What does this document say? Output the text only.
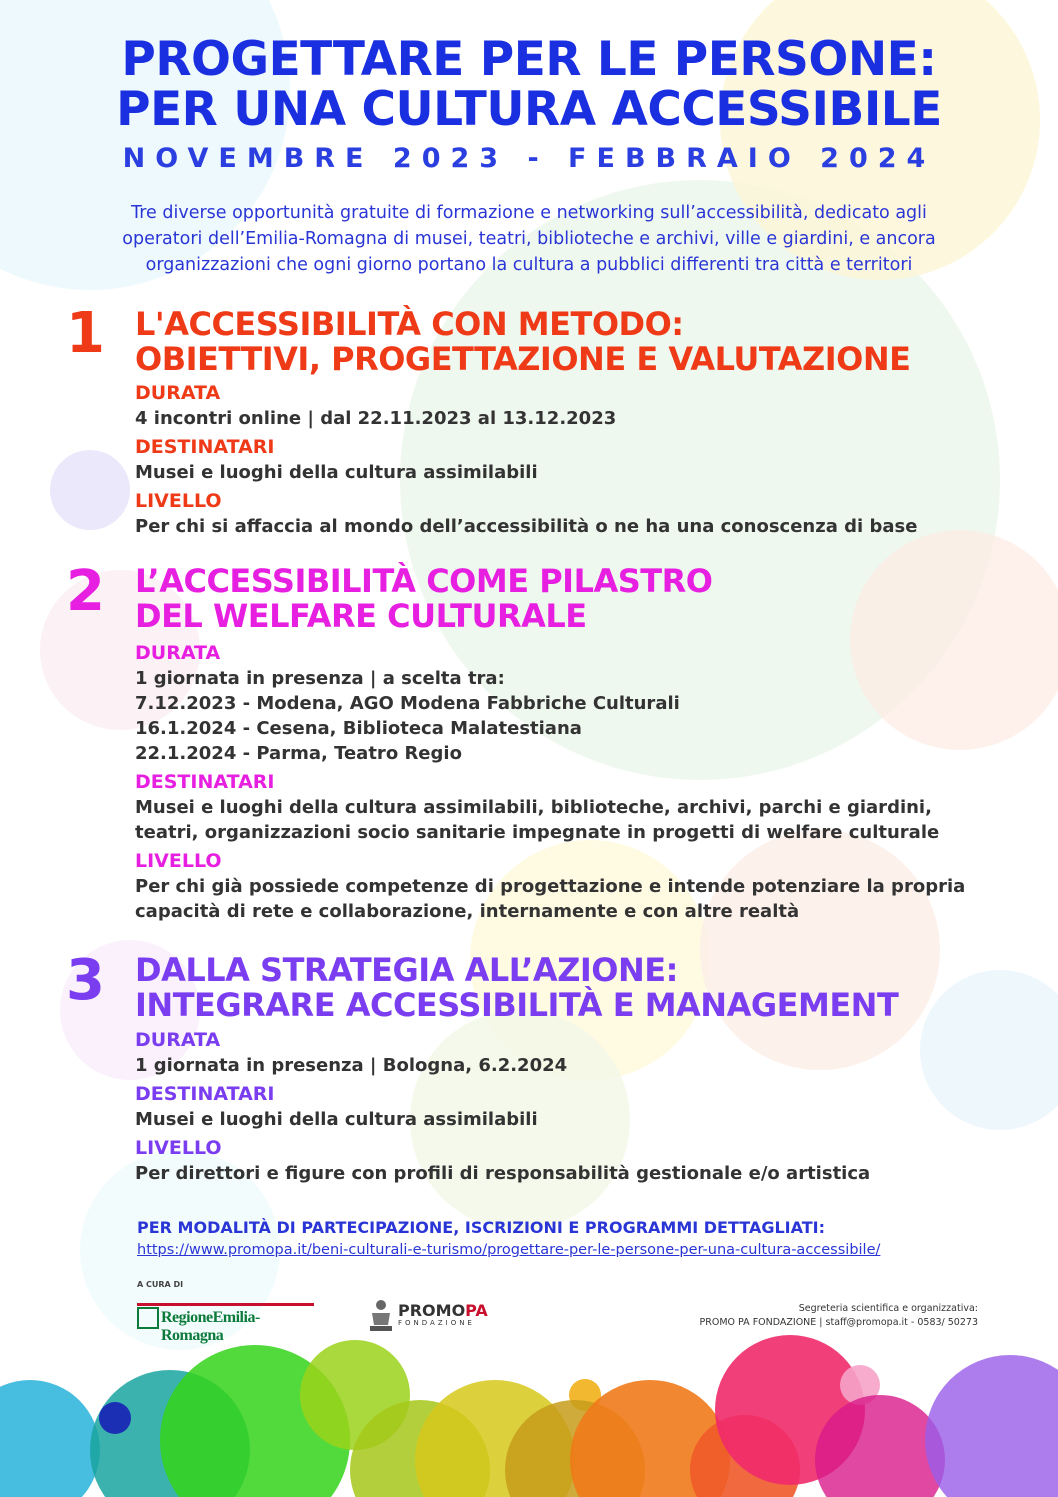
PROGETTARE PER LE PERSONE:
PER UNA CULTURA ACCESSIBILE
NOVEMBRE 2023 - FEBBRAIO 2024
Tre diverse opportunità gratuite di formazione e networking sull’accessibilità, dedicato agli
operatori dell’Emilia-Romagna di musei, teatri, biblioteche e archivi, ville e giardini, e ancora
organizzazioni che ogni giorno portano la cultura a pubblici differenti tra città e territori
1 L'ACCESSIBILITÀ CON METODO:
OBIETTIVI, PROGETTAZIONE E VALUTAZIONE
DURATA
4 incontri online | dal 22.11.2023 al 13.12.2023
DESTINATARI
Musei e luoghi della cultura assimilabili
LIVELLO
Per chi si affaccia al mondo dell’accessibilità o ne ha una conoscenza di base
2 L’ACCESSIBILITÀ COME PILASTRO
DEL WELFARE CULTURALE
DURATA
1 giornata in presenza | a scelta tra:
7.12.2023 - Modena, AGO Modena Fabbriche Culturali
16.1.2024 - Cesena, Biblioteca Malatestiana
22.1.2024 - Parma, Teatro Regio
DESTINATARI
Musei e luoghi della cultura assimilabili, biblioteche, archivi, parchi e giardini,
teatri, organizzazioni socio sanitarie impegnate in progetti di welfare culturale
LIVELLO
Per chi già possiede competenze di progettazione e intende potenziare la propria
capacità di rete e collaborazione, internamente e con altre realtà
3 DALLA STRATEGIA ALL’AZIONE:
INTEGRARE ACCESSIBILITÀ E MANAGEMENT
DURATA
1 giornata in presenza | Bologna, 6.2.2024
DESTINATARI
Musei e luoghi della cultura assimilabili
LIVELLO
Per direttori e figure con profili di responsabilità gestionale e/o artistica
PER MODALITÀ DI PARTECIPAZIONE, ISCRIZIONI E PROGRAMMI DETTAGLIATI:
https://www.promopa.it/beni-culturali-e-turismo/progettare-per-le-persone-per-una-cultura-accessibile/
A CURA DI
RegioneEmilia-Romagna
PROMOPA
FONDAZIONE
Segreteria scientifica e organizzativa:
PROMO PA FONDAZIONE | staff@promopa.it - 0583/ 50273
